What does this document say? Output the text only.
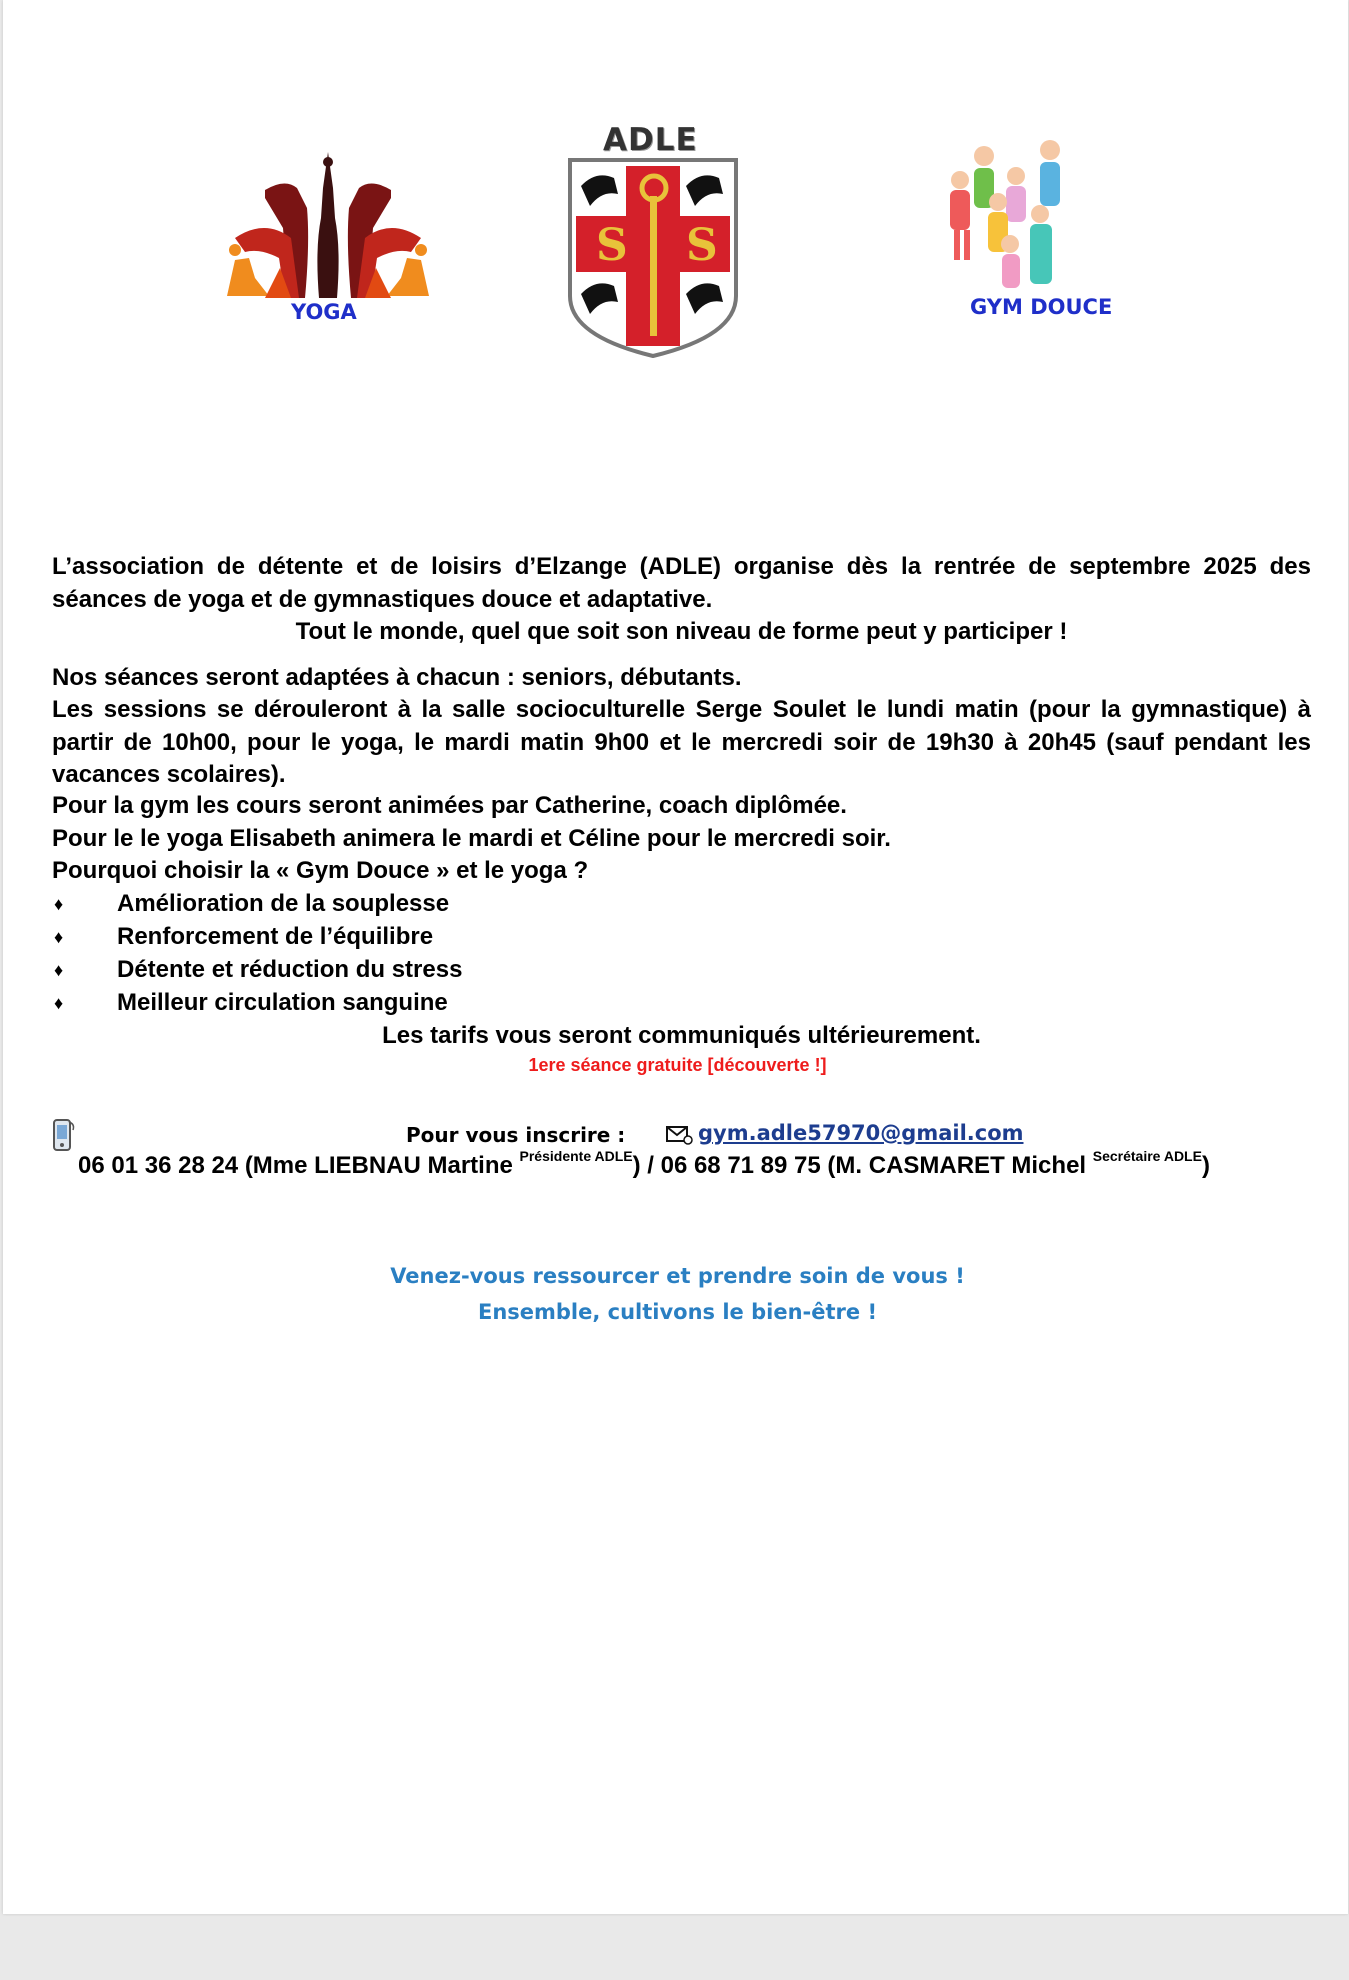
YOGA
ADLE
S S
GYM DOUCE
L’association de détente et de loisirs d’Elzange (ADLE) organise dès la rentrée de septembre 2025 des séances de yoga et de gymnastiques douce et adaptative.
Tout le monde, quel que soit son niveau de forme peut y participer !
Nos séances seront adaptées à chacun : seniors, débutants.
Les sessions se dérouleront à la salle socioculturelle Serge Soulet le lundi matin (pour la gymnastique) à partir de 10h00, pour le yoga, le mardi matin 9h00 et le mercredi soir de 19h30 à 20h45 (sauf pendant les vacances scolaires).
Pour la gym les cours seront animées par Catherine, coach diplômée.
Pour le le yoga Elisabeth animera le mardi et Céline pour le mercredi soir.
Pourquoi choisir la « Gym Douce » et le yoga ?
♦ Amélioration de la souplesse
♦ Renforcement de l’équilibre
♦ Détente et réduction du stress
♦ Meilleur circulation sanguine
Les tarifs vous seront communiqués ultérieurement.
1ere séance gratuite [découverte !]
Pour vous inscrire :	gym.adle57970@gmail.com
06 01 36 28 24 (Mme LIEBNAU Martine $^{Présidente ADLE}$) / 06 68 71 89 75 (M. CASMARET Michel $^{Secrétaire ADLE}$)
Venez-vous ressourcer et prendre soin de vous !
Ensemble, cultivons le bien-être !
